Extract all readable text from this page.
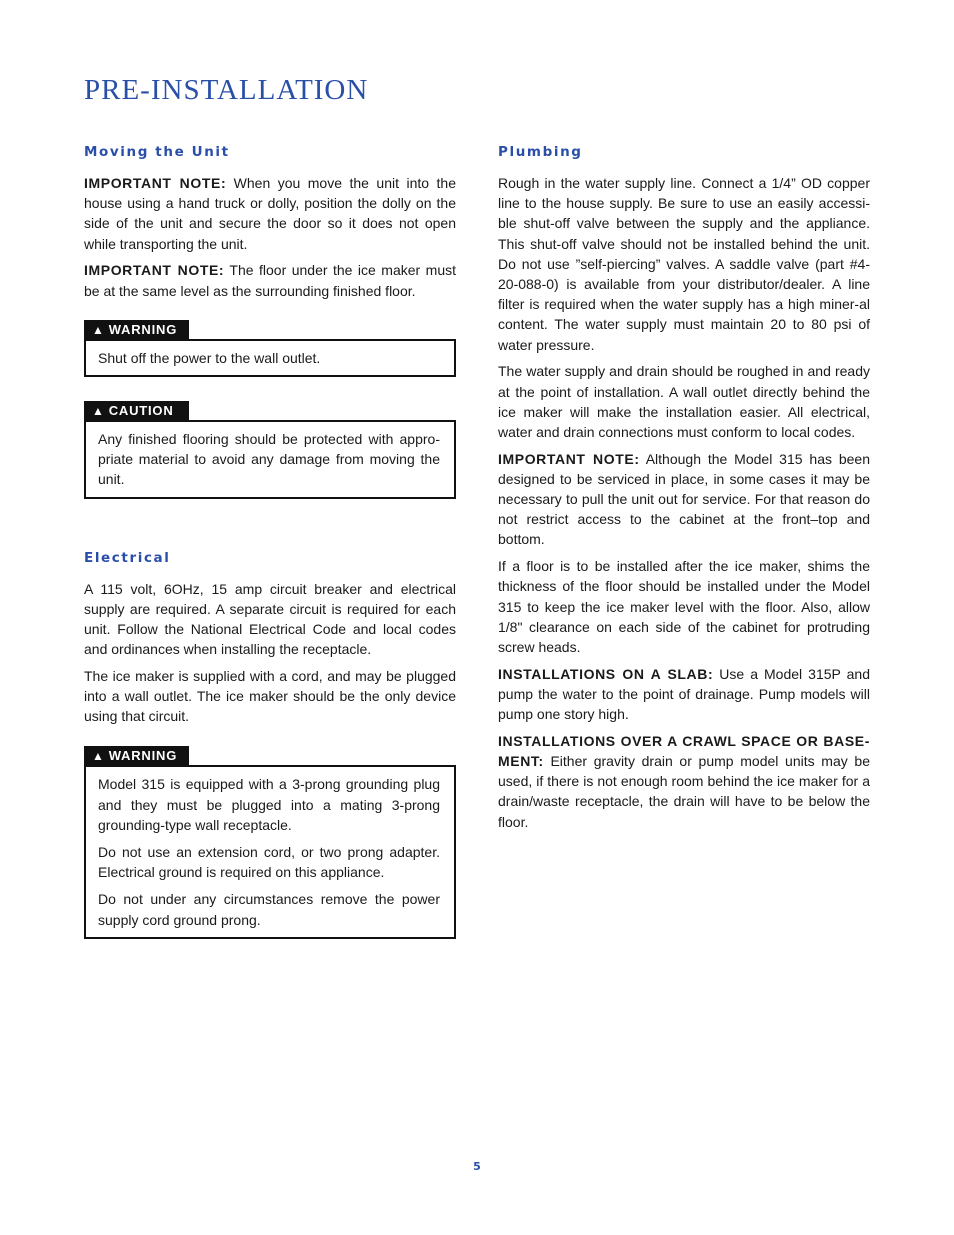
PRE-INSTALLATION
Moving the Unit

IMPORTANT NOTE: When you move the unit into the house using a hand truck or dolly, position the dolly on the side of the unit and secure the door so it does not open while transporting the unit.

IMPORTANT NOTE: The floor under the ice maker must be at the same level as the surrounding finished floor.

▲ WARNING

Shut off the power to the wall outlet.

▲ CAUTION

Any finished flooring should be protected with appro-priate material to avoid any damage from moving the unit.

Electrical

A 115 volt, 6OHz, 15 amp circuit breaker and electrical supply are required. A separate circuit is required for each unit. Follow the National Electrical Code and local codes and ordinances when installing the receptacle.

The ice maker is supplied with a cord, and may be plugged into a wall outlet. The ice maker should be the only device using that circuit.

▲ WARNING

Model 315 is equipped with a 3-prong grounding plug and they must be plugged into a mating 3-prong grounding-type wall receptacle.

Do not use an extension cord, or two prong adapter. Electrical ground is required on this appliance.

Do not under any circumstances remove the power supply cord ground prong.

Plumbing

Rough in the water supply line. Connect a 1/4” OD copper line to the house supply. Be sure to use an easily accessi-ble shut-off valve between the supply and the appliance. This shut-off valve should not be installed behind the unit. Do not use ”self-piercing” valves. A saddle valve (part #4-20-088-0) is available from your distributor/dealer. A line filter is required when the water supply has a high miner-al content. The water supply must maintain 20 to 80 psi of water pressure.

The water supply and drain should be roughed in and ready at the point of installation. A wall outlet directly behind the ice maker will make the installation easier. All electrical, water and drain connections must conform to local codes.

IMPORTANT NOTE: Although the Model 315 has been designed to be serviced in place, in some cases it may be necessary to pull the unit out for service. For that reason do not restrict access to the cabinet at the front–top and bottom.

If a floor is to be installed after the ice maker, shims the thickness of the floor should be installed under the Model 315 to keep the ice maker level with the floor. Also, allow 1/8" clearance on each side of the cabinet for protruding screw heads.

INSTALLATIONS ON A SLAB: Use a Model 315P and pump the water to the point of drainage. Pump models will pump one story high.

INSTALLATIONS OVER A CRAWL SPACE OR BASE-MENT: Either gravity drain or pump model units may be used, if there is not enough room behind the ice maker for a drain/waste receptacle, the drain will have to be below the floor.

5
